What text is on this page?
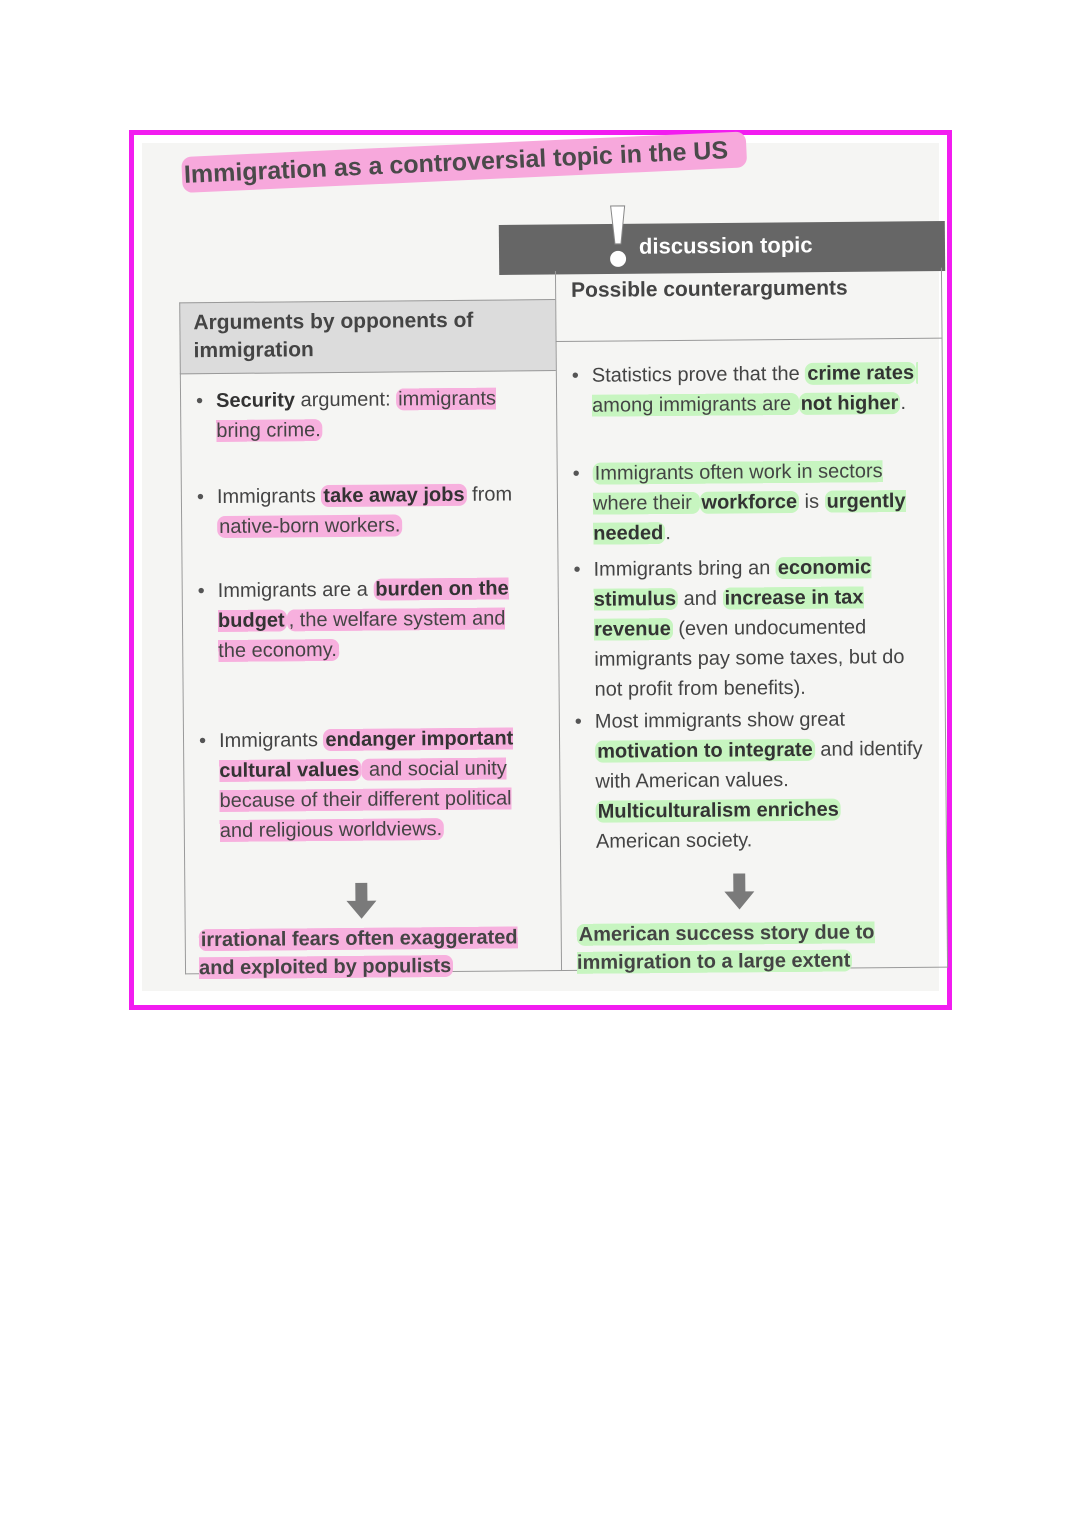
Immigration as a controversial topic in the US
discussion topic
Arguments by opponents of immigration
Possible counterarguments
• Security argument: immigrants bring crime.
• Immigrants take away jobs from native-born workers.
• Immigrants are a burden on the budget , the welfare system and the economy.
• Immigrants endanger important cultural values and social unity because of their different political and religious worldviews.
irrational fears often exaggerated and exploited by populists
• Statistics prove that the crime rates among immigrants are not higher.
• Immigrants often work in sectors where their workforce is urgently needed.
• Immigrants bring an economic stimulus and increase in tax revenue (even undocumented immigrants pay some taxes, but do not profit from benefits).
• Most immigrants show great motivation to integrate and identify with American values. Multiculturalism enriches American society.
American success story due to immigration to a large extent
